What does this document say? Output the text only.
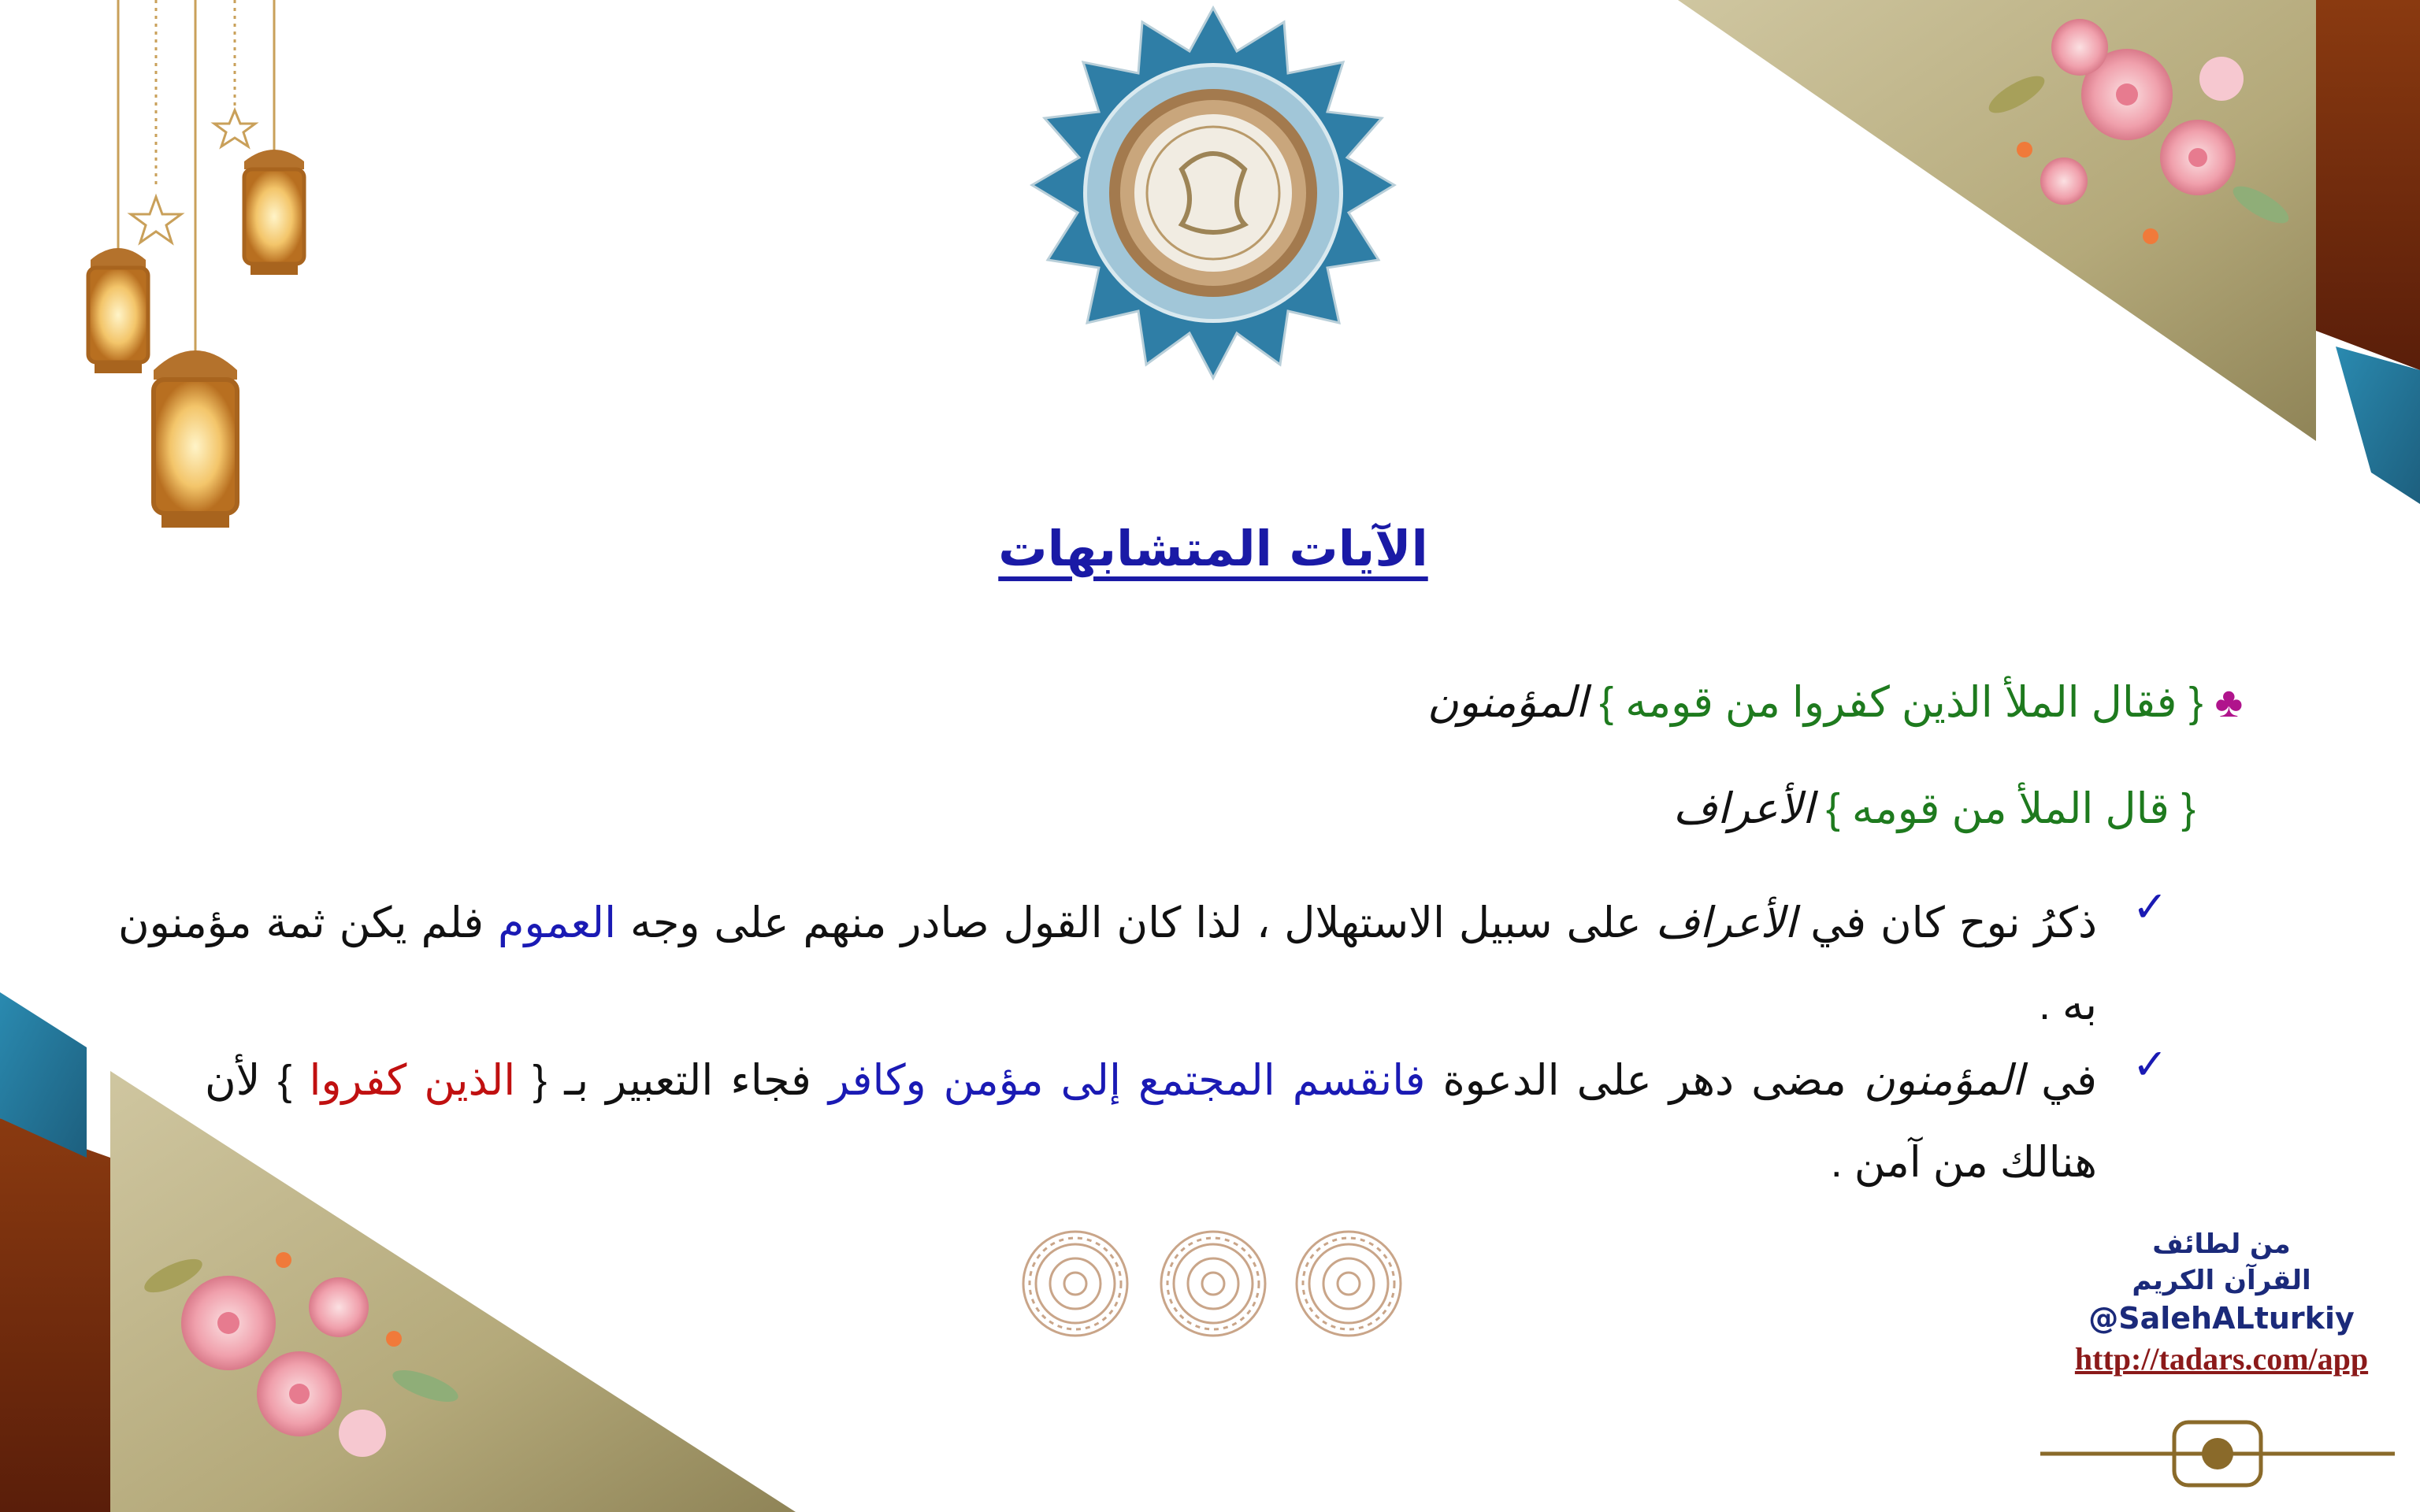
الآيات المتشابهات
♣ { فقال الملأ الذين كفروا من قومه } المؤمنون
{ قال الملأ من قومه } الأعراف
✓
ذكرُ نوح كان في الأعراف على سبيل الاستهلال ، لذا كان القول صادر منهم على وجه العموم فلم يكن ثمة مؤمنون به .
✓
في المؤمنون مضى دهر على الدعوة فانقسم المجتمع إلى مؤمن وكافر فجاء التعبير بـ { الذين كفروا } لأن هنالك من آمن .
من لطائف
القرآن الكريم
@SalehALturkiy
http://tadars.com/app
